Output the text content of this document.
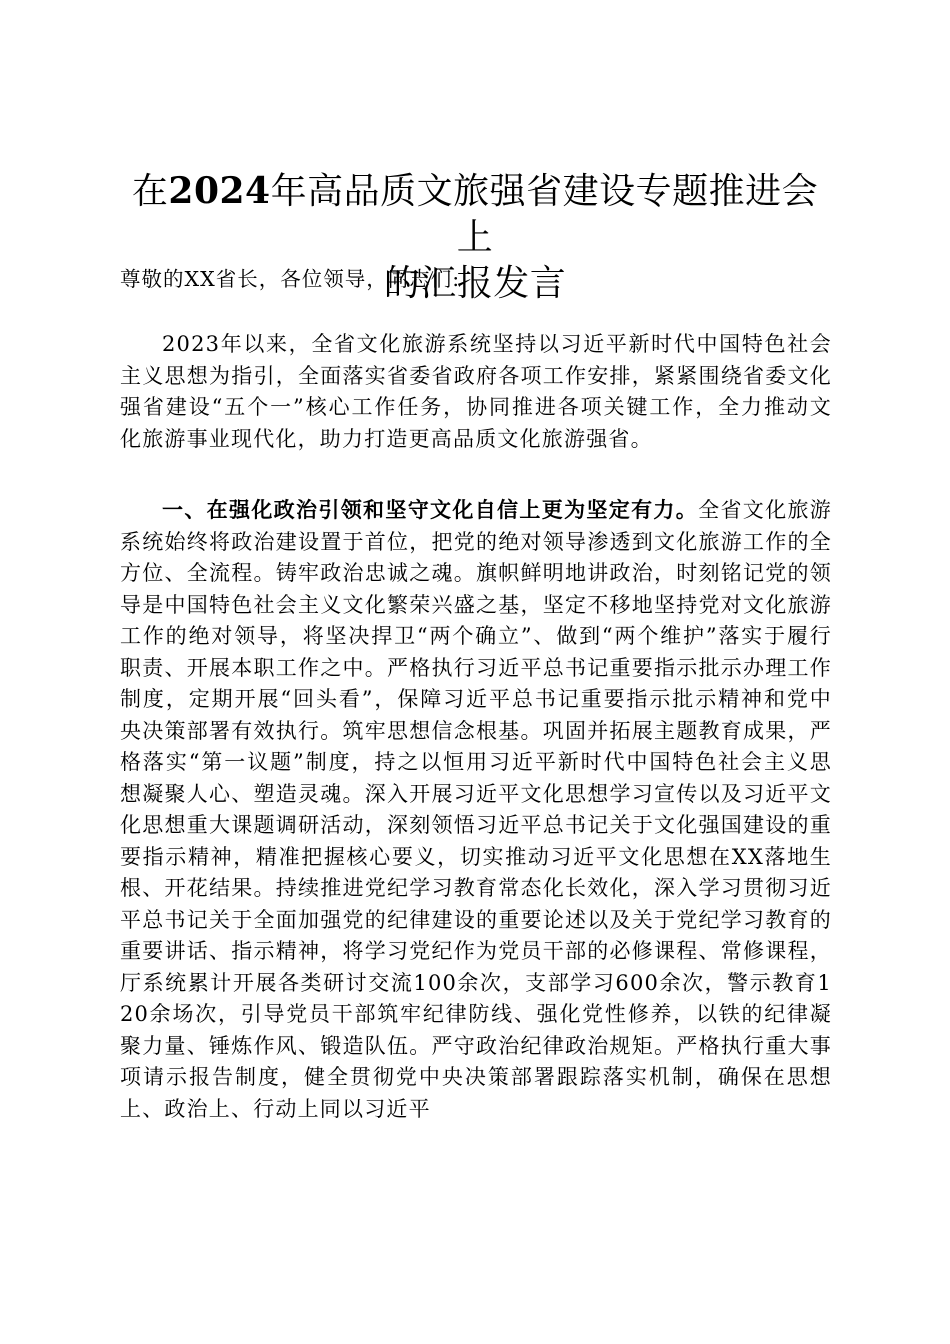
在2024年高品质文旅强省建设专题推进会上
的汇报发言

尊敬的XX省长，各位领导，同志们:

2023年以来，全省文化旅游系统坚持以习近平新时代中国特色社会主义思想为指引，全面落实省委省政府各项工作安排，紧紧围绕省委文化强省建设“五个一”核心工作任务，协同推进各项关键工作，全力推动文化旅游事业现代化，助力打造更高品质文化旅游强省。

一、在强化政治引领和坚守文化自信上更为坚定有力。全省文化旅游系统始终将政治建设置于首位，把党的绝对领导渗透到文化旅游工作的全方位、全流程。铸牢政治忠诚之魂。旗帜鲜明地讲政治，时刻铭记党的领导是中国特色社会主义文化繁荣兴盛之基，坚定不移地坚持党对文化旅游工作的绝对领导，将坚决捍卫“两个确立”、做到“两个维护”落实于履行职责、开展本职工作之中。严格执行习近平总书记重要指示批示办理工作制度，定期开展“回头看”，保障习近平总书记重要指示批示精神和党中央决策部署有效执行。筑牢思想信念根基。巩固并拓展主题教育成果，严格落实“第一议题”制度，持之以恒用习近平新时代中国特色社会主义思想凝聚人心、塑造灵魂。深入开展习近平文化思想学习宣传以及习近平文化思想重大课题调研活动，深刻领悟习近平总书记关于文化强国建设的重要指示精神，精准把握核心要义，切实推动习近平文化思想在XX落地生根、开花结果。持续推进党纪学习教育常态化长效化，深入学习贯彻习近平总书记关于全面加强党的纪律建设的重要论述以及关于党纪学习教育的重要讲话、指示精神，将学习党纪作为党员干部的必修课程、常修课程，厅系统累计开展各类研讨交流100余次，支部学习600余次，警示教育120余场次，引导党员干部筑牢纪律防线、强化党性修养，以铁的纪律凝聚力量、锤炼作风、锻造队伍。严守政治纪律政治规矩。严格执行重大事项请示报告制度，健全贯彻党中央决策部署跟踪落实机制，确保在思想上、政治上、行动上同以习近平
